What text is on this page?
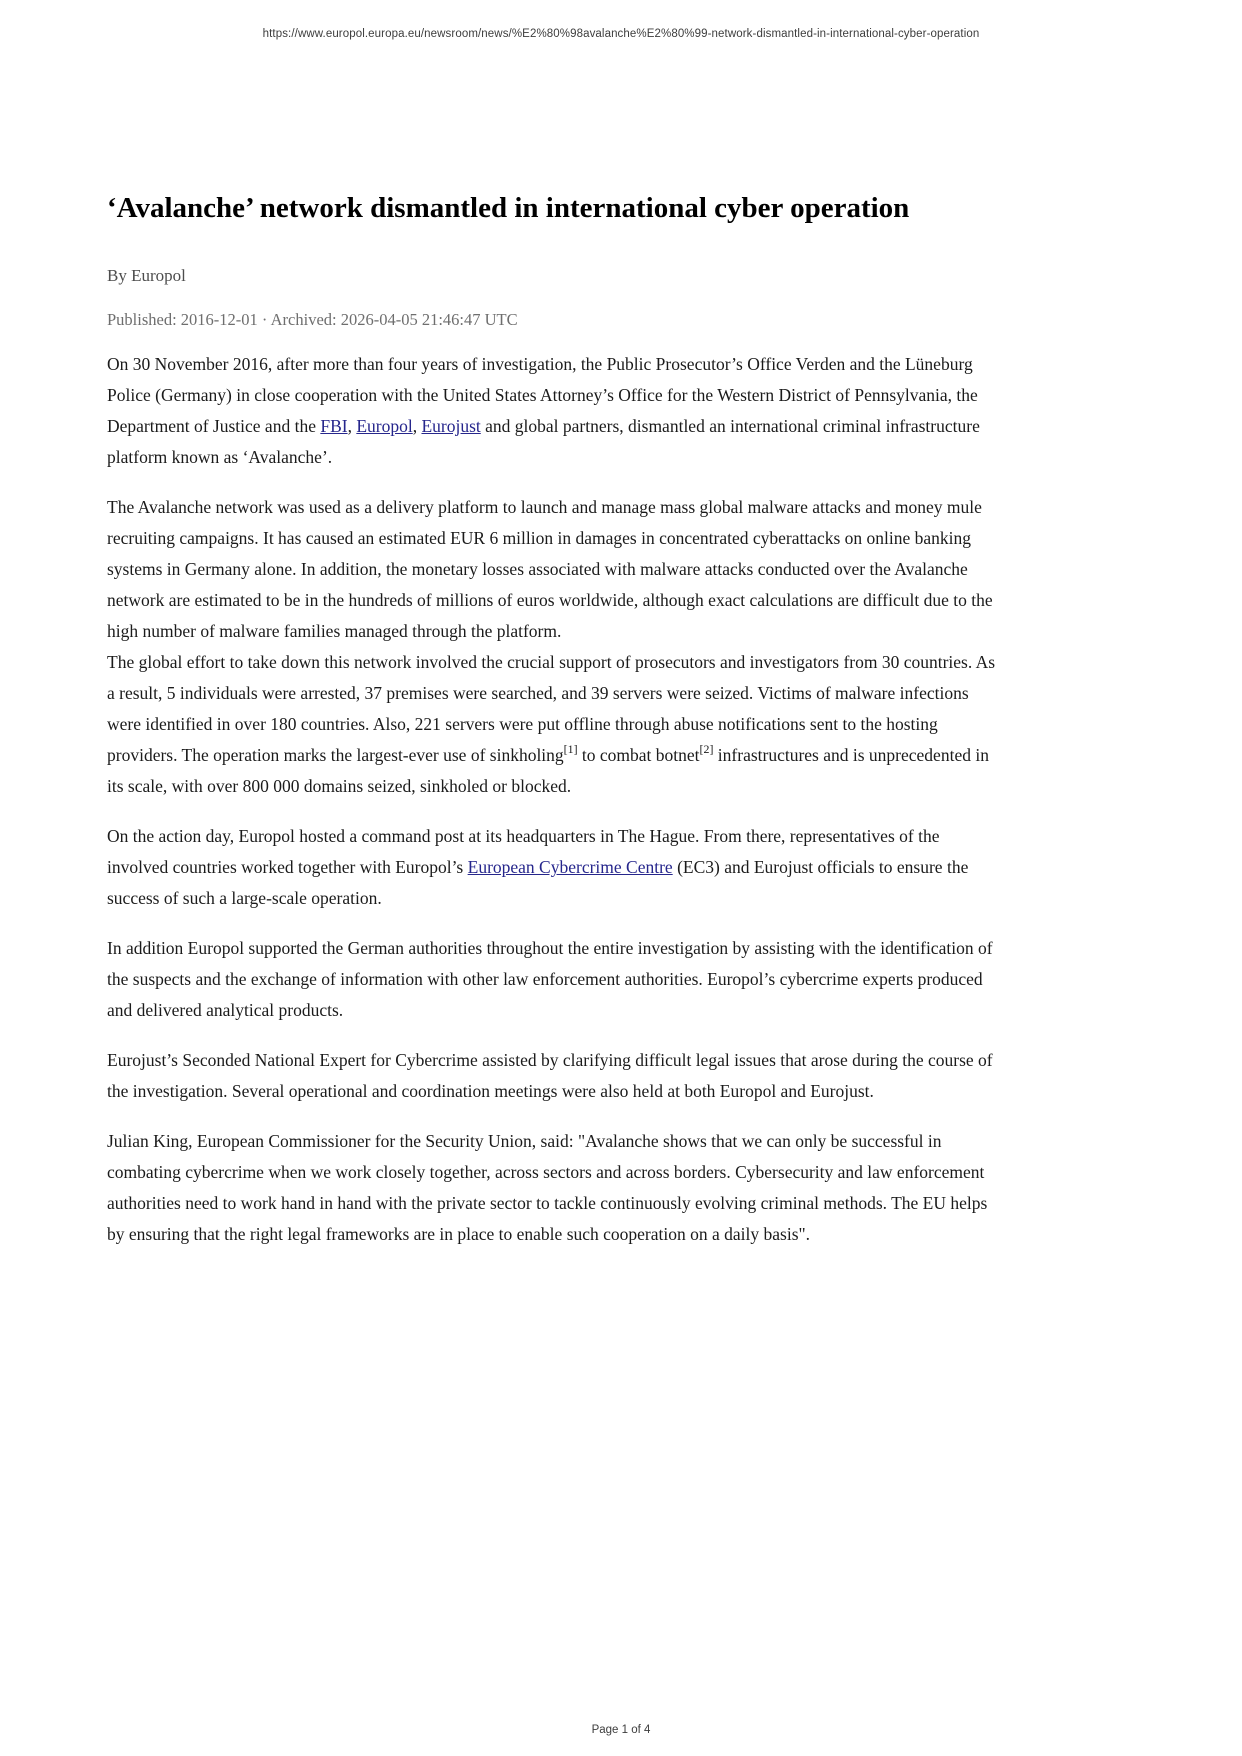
https://www.europol.europa.eu/newsroom/news/%E2%80%98avalanche%E2%80%99-network-dismantled-in-international-cyber-operation
‘Avalanche’ network dismantled in international cyber operation
By Europol
Published: 2016-12-01 · Archived: 2026-04-05 21:46:47 UTC

On 30 November 2016, after more than four years of investigation, the Public Prosecutor’s Office Verden and the Lüneburg Police (Germany) in close cooperation with the United States Attorney’s Office for the Western District of Pennsylvania, the Department of Justice and the FBI, Europol, Eurojust and global partners, dismantled an international criminal infrastructure platform known as ‘Avalanche’.

The Avalanche network was used as a delivery platform to launch and manage mass global malware attacks and money mule recruiting campaigns. It has caused an estimated EUR 6 million in damages in concentrated cyberattacks on online banking systems in Germany alone. In addition, the monetary losses associated with malware attacks conducted over the Avalanche network are estimated to be in the hundreds of millions of euros worldwide, although exact calculations are difficult due to the high number of malware families managed through the platform.

The global effort to take down this network involved the crucial support of prosecutors and investigators from 30 countries. As a result, 5 individuals were arrested, 37 premises were searched, and 39 servers were seized. Victims of malware infections were identified in over 180 countries. Also, 221 servers were put offline through abuse notifications sent to the hosting providers. The operation marks the largest-ever use of sinkholing[1] to combat botnet[2] infrastructures and is unprecedented in its scale, with over 800 000 domains seized, sinkholed or blocked.

On the action day, Europol hosted a command post at its headquarters in The Hague. From there, representatives of the involved countries worked together with Europol’s European Cybercrime Centre (EC3) and Eurojust officials to ensure the success of such a large-scale operation.

In addition Europol supported the German authorities throughout the entire investigation by assisting with the identification of the suspects and the exchange of information with other law enforcement authorities. Europol’s cybercrime experts produced and delivered analytical products.

Eurojust’s Seconded National Expert for Cybercrime assisted by clarifying difficult legal issues that arose during the course of the investigation. Several operational and coordination meetings were also held at both Europol and Eurojust.

Julian King, European Commissioner for the Security Union, said: "Avalanche shows that we can only be successful in combating cybercrime when we work closely together, across sectors and across borders. Cybersecurity and law enforcement authorities need to work hand in hand with the private sector to tackle continuously evolving criminal methods. The EU helps by ensuring that the right legal frameworks are in place to enable such cooperation on a daily basis".

Page 1 of 4
